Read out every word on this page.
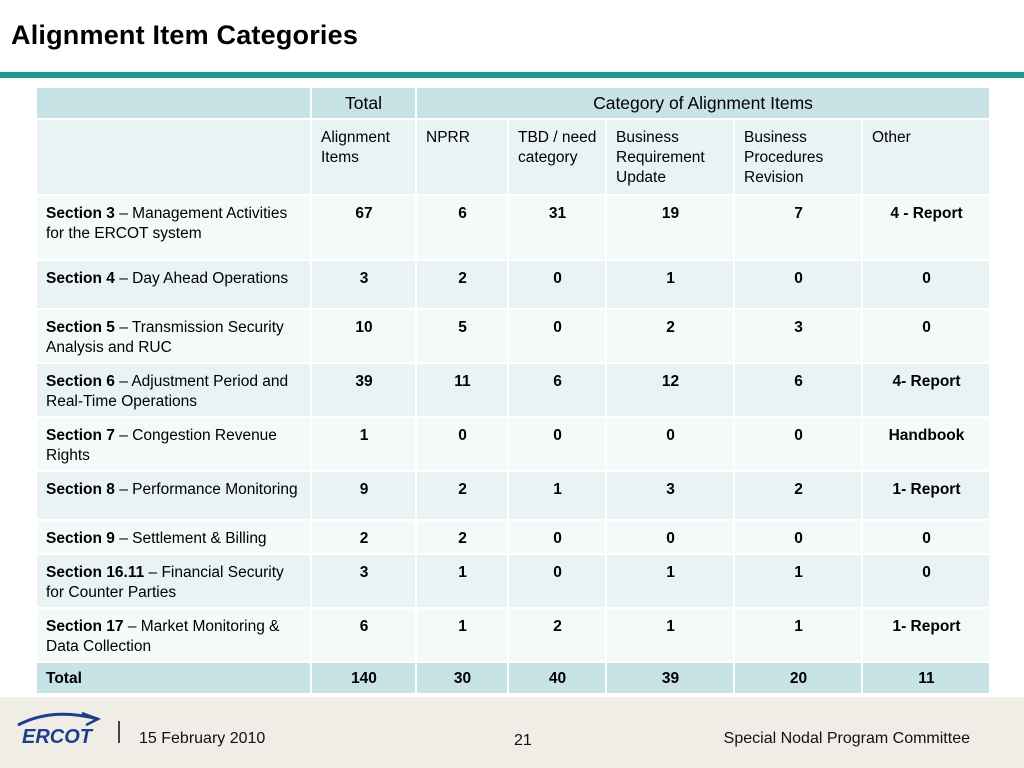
Alignment Item Categories
	Total	Category of Alignment Items				
	Alignment Items	NPRR	TBD / need category	Business Requirement Update	Business Procedures Revision	Other
Section 3 – Management Activities for the ERCOT system	67	6	31	19	7	4 - Report
Section 4 – Day Ahead Operations	3	2	0	1	0	0
Section 5 – Transmission Security Analysis and RUC	10	5	0	2	3	0
Section 6 – Adjustment Period and Real-Time Operations	39	11	6	12	6	4- Report
Section 7 – Congestion Revenue Rights	1	0	0	0	0	Handbook
Section 8 – Performance Monitoring	9	2	1	3	2	1- Report
Section 9 – Settlement & Billing	2	2	0	0	0	0
Section 16.11 – Financial Security for Counter Parties	3	1	0	1	1	0
Section 17 – Market Monitoring & Data Collection	6	1	2	1	1	1- Report
Total	140	30	40	39	20	11
ERCOT	15 February 2010	21	Special Nodal Program Committee
